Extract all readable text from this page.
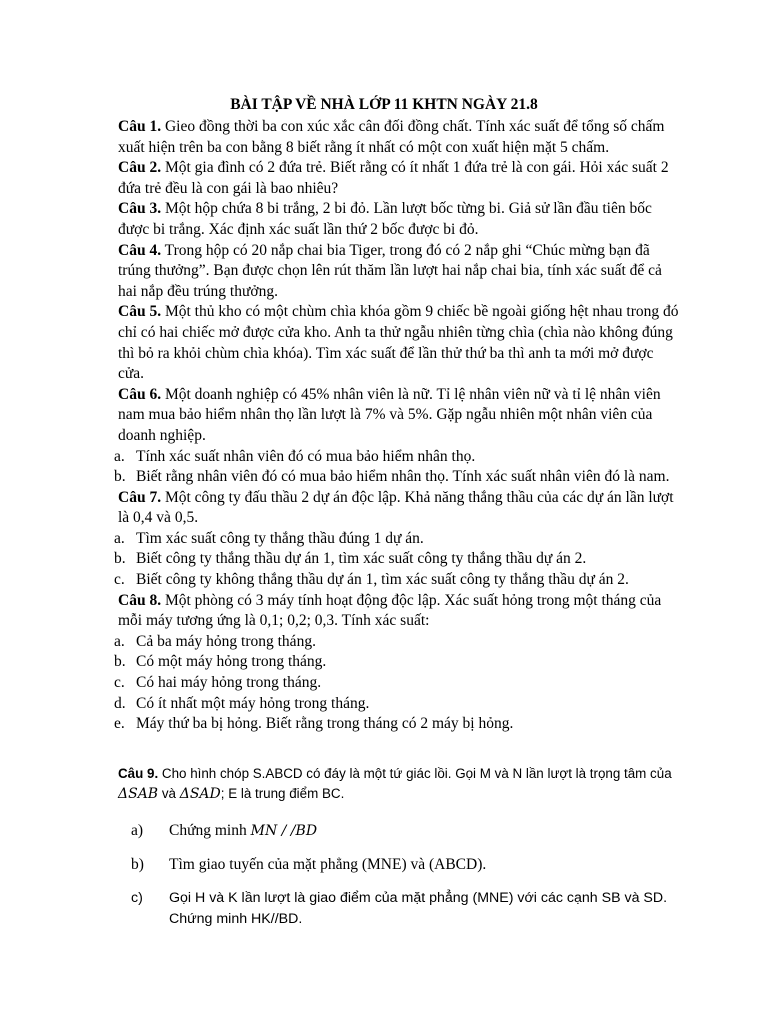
BÀI TẬP VỀ NHÀ LỚP 11 KHTN NGÀY 21.8

Câu 1. Gieo đồng thời ba con xúc xắc cân đối đồng chất. Tính xác suất để tổng số chấm xuất hiện trên ba con bằng 8 biết rằng ít nhất có một con xuất hiện mặt 5 chấm.

Câu 2. Một gia đình có 2 đứa trẻ. Biết rằng có ít nhất 1 đứa trẻ là con gái. Hỏi xác suất 2 đứa trẻ đều là con gái là bao nhiêu?

Câu 3. Một hộp chứa 8 bi trắng, 2 bi đỏ. Lần lượt bốc từng bi. Giả sử lần đầu tiên bốc được bi trắng. Xác định xác suất lần thứ 2 bốc được bi đỏ.

Câu 4. Trong hộp có 20 nắp chai bia Tiger, trong đó có 2 nắp ghi “Chúc mừng bạn đã trúng thưởng”. Bạn được chọn lên rút thăm lần lượt hai nắp chai bia, tính xác suất để cả hai nắp đều trúng thưởng.

Câu 5. Một thủ kho có một chùm chìa khóa gồm 9 chiếc bề ngoài giống hệt nhau trong đó chỉ có hai chiếc mở được cửa kho. Anh ta thử ngẫu nhiên từng chìa (chìa nào không đúng thì bỏ ra khỏi chùm chìa khóa). Tìm xác suất để lần thử thứ ba thì anh ta mới mở được cửa.

Câu 6. Một doanh nghiệp có 45% nhân viên là nữ. Tỉ lệ nhân viên nữ và tỉ lệ nhân viên nam mua bảo hiểm nhân thọ lần lượt là 7% và 5%. Gặp ngẫu nhiên một nhân viên của doanh nghiệp.

a. Tính xác suất nhân viên đó có mua bảo hiểm nhân thọ.
b. Biết rằng nhân viên đó có mua bảo hiểm nhân thọ. Tính xác suất nhân viên đó là nam.

Câu 7. Một công ty đấu thầu 2 dự án độc lập. Khả năng thắng thầu của các dự án lần lượt là 0,4 và 0,5.

a. Tìm xác suất công ty thắng thầu đúng 1 dự án.
b. Biết công ty thắng thầu dự án 1, tìm xác suất công ty thắng thầu dự án 2.
c. Biết công ty không thắng thầu dự án 1, tìm xác suất công ty thắng thầu dự án 2.

Câu 8. Một phòng có 3 máy tính hoạt động độc lập. Xác suất hỏng trong một tháng của mỗi máy tương ứng là 0,1; 0,2; 0,3. Tính xác suất:

a. Cả ba máy hỏng trong tháng.
b. Có một máy hỏng trong tháng.
c. Có hai máy hỏng trong tháng.
d. Có ít nhất một máy hỏng trong tháng.
e. Máy thứ ba bị hỏng. Biết rằng trong tháng có 2 máy bị hỏng.

Câu 9. Cho hình chóp S.ABCD có đáy là một tứ giác lồi. Gọi M và N lần lượt là trọng tâm của
ΔSAB và ΔSAD; E là trung điểm BC.

a) Chứng minh MN / /BD

b) Tìm giao tuyến của mặt phẳng (MNE) và (ABCD).

c) Gọi H và K lần lượt là giao điểm của mặt phẳng (MNE) với các cạnh SB và SD. Chứng minh HK//BD.
